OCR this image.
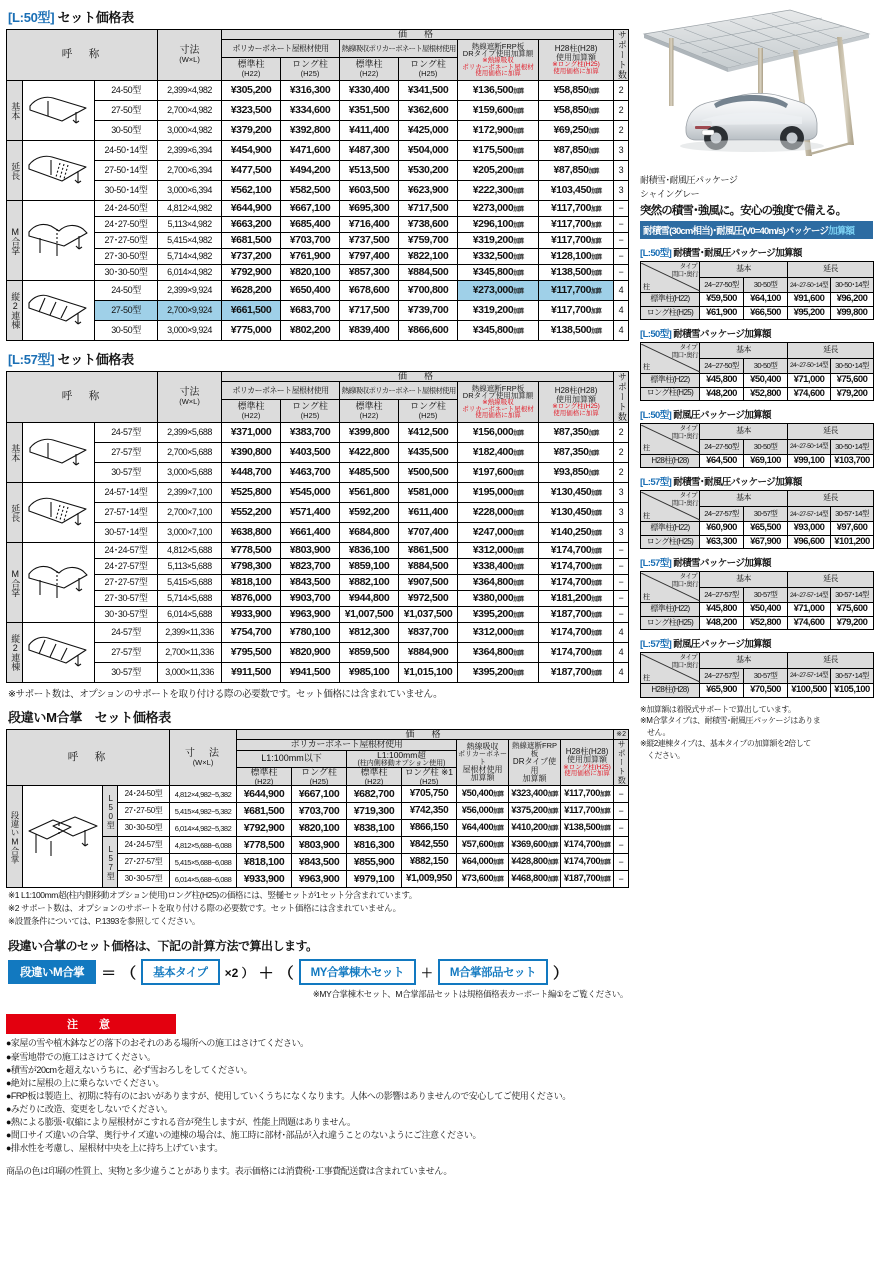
[L:50型] セット価格表
呼　称			寸法
(W×L)	価　格						サポート数

				ポリカーボネート屋根材使用		熱線吸収ポリカーボネート屋根材使用		熱線遮断FRP板
DRタイプ使用加算額
※熱線吸収
ポリカーボネート屋根材
使用価格に加算	H28柱(H28)
使用加算額
※ロング柱(H25)
使用価格に加算	

				標準柱
(H22)	ロング柱
(H25)	標準柱
(H22)	ロング柱
(H25)			

基本		24-50型	2,399×4,982	¥305,200	¥316,300	¥330,400	¥341,500	¥136,500加算	¥58,850加算	2
		27-50型	2,700×4,982	¥323,500	¥334,600	¥351,500	¥362,600	¥159,600加算	¥58,850加算	2
		30-50型	3,000×4,982	¥379,200	¥392,800	¥411,400	¥425,000	¥172,900加算	¥69,250加算	2

延長		24-50･14型	2,399×6,394	¥454,900	¥471,600	¥487,300	¥504,000	¥175,500加算	¥87,850加算	3
		27-50･14型	2,700×6,394	¥477,500	¥494,200	¥513,500	¥530,200	¥205,200加算	¥87,850加算	3
		30-50･14型	3,000×6,394	¥562,100	¥582,500	¥603,500	¥623,900	¥222,300加算	¥103,450加算	3

M合掌		24･24-50型	4,812×4,982	¥644,900	¥667,100	¥695,300	¥717,500	¥273,000加算	¥117,700加算	−
		24･27-50型	5,113×4,982	¥663,200	¥685,400	¥716,400	¥738,600	¥296,100加算	¥117,700加算	−
		27･27-50型	5,415×4,982	¥681,500	¥703,700	¥737,500	¥759,700	¥319,200加算	¥117,700加算	−
		27･30-50型	5,714×4,982	¥737,200	¥761,900	¥797,400	¥822,100	¥332,500加算	¥128,100加算	−
		30･30-50型	6,014×4,982	¥792,900	¥820,100	¥857,300	¥884,500	¥345,800加算	¥138,500加算	−

縦2連棟		24-50型	2,399×9,924	¥628,200	¥650,400	¥678,600	¥700,800	¥273,000加算	¥117,700加算	4
		27-50型	2,700×9,924	¥661,500	¥683,700	¥717,500	¥739,700	¥319,200加算	¥117,700加算	4
		30-50型	3,000×9,924	¥775,000	¥802,200	¥839,400	¥866,600	¥345,800加算	¥138,500加算	4
[L:57型] セット価格表
呼　称			寸法
(W×L)	価　格						サポート数

				ポリカーボネート屋根材使用		熱線吸収ポリカーボネート屋根材使用		熱線遮断FRP板
DRタイプ使用加算額
※熱線吸収
ポリカーボネート屋根材
使用価格に加算	H28柱(H28)
使用加算額
※ロング柱(H25)
使用価格に加算	

				標準柱
(H22)	ロング柱
(H25)	標準柱
(H22)	ロング柱
(H25)			

基本		24-57型	2,399×5,688	¥371,000	¥383,700	¥399,800	¥412,500	¥156,000加算	¥87,350加算	2
		27-57型	2,700×5,688	¥390,800	¥403,500	¥422,800	¥435,500	¥182,400加算	¥87,350加算	2
		30-57型	3,000×5,688	¥448,700	¥463,700	¥485,500	¥500,500	¥197,600加算	¥93,850加算	2

延長		24-57･14型	2,399×7,100	¥525,800	¥545,000	¥561,800	¥581,000	¥195,000加算	¥130,450加算	3
		27-57･14型	2,700×7,100	¥552,200	¥571,400	¥592,200	¥611,400	¥228,000加算	¥130,450加算	3
		30-57･14型	3,000×7,100	¥638,800	¥661,400	¥684,800	¥707,400	¥247,000加算	¥140,250加算	3

M合掌		24･24-57型	4,812×5,688	¥778,500	¥803,900	¥836,100	¥861,500	¥312,000加算	¥174,700加算	−
		24･27-57型	5,113×5,688	¥798,300	¥823,700	¥859,100	¥884,500	¥338,400加算	¥174,700加算	−
		27･27-57型	5,415×5,688	¥818,100	¥843,500	¥882,100	¥907,500	¥364,800加算	¥174,700加算	−
		27･30-57型	5,714×5,688	¥876,000	¥903,700	¥944,800	¥972,500	¥380,000加算	¥181,200加算	−
		30･30-57型	6,014×5,688	¥933,900	¥963,900	¥1,007,500	¥1,037,500	¥395,200加算	¥187,700加算	−

縦2連棟		24-57型	2,399×11,336	¥754,700	¥780,100	¥812,300	¥837,700	¥312,000加算	¥174,700加算	4
		27-57型	2,700×11,336	¥795,500	¥820,900	¥859,500	¥884,900	¥364,800加算	¥174,700加算	4
		30-57型	3,000×11,336	¥911,500	¥941,500	¥985,100	¥1,015,100	¥395,200加算	¥187,700加算	4
※サポート数は、オプションのサポートを取り付ける際の必要数です。セット価格には含まれていません。
段違いM合掌　セット価格表
呼　称				寸　法
(W×L)	価　格							※2
					ポリカーボネート屋根材使用				熱線吸収
ポリカーボネート
屋根材使用
加算額	熱線遮断FRP板
DRタイプ使用
加算額	H28柱(H28)
使用加算額
※ロング柱(H25)
使用価格に加算	サポート数

					L1:100mm以下		L1:100mm超
(柱内側移動オプション使用)					

					標準柱
(H22)	ロング柱
(H25)	標準柱
(H22)	ロング柱 ※1
(H25)				

段違いM合掌		L50型	24･24-50型	4,812×4,982~5,382	¥644,900	¥667,100	¥682,700	¥705,750	¥50,400加算	¥323,400加算	¥117,700加算	−
			27･27-50型	5,415×4,982~5,382	¥681,500	¥703,700	¥719,300	¥742,350	¥56,000加算	¥375,200加算	¥117,700加算	−
			30･30-50型	6,014×4,982~5,382	¥792,900	¥820,100	¥838,100	¥866,150	¥64,400加算	¥410,200加算	¥138,500加算	−

		L57型	24･24-57型	4,812×5,688~6,088	¥778,500	¥803,900	¥816,300	¥842,550	¥57,600加算	¥369,600加算	¥174,700加算	−
			27･27-57型	5,415×5,688~6,088	¥818,100	¥843,500	¥855,900	¥882,150	¥64,000加算	¥428,800加算	¥174,700加算	−
			30･30-57型	6,014×5,688~6,088	¥933,900	¥963,900	¥979,100	¥1,009,950	¥73,600加算	¥468,800加算	¥187,700加算	−
※1 L1:100mm超(柱内側移動オプション使用)ロング柱(H25)の価格には、竪樋セットが1セット分含まれています。
※2 サポート数は、オプションのサポートを取り付ける際の必要数です。セット価格には含まれていません。
※設置条件については、P.1393を参照してください。
段違い合掌のセット価格は、下記の計算方法で算出します。
段違いM合掌	＝ （	基本タイプ	×2 ） ＋ （	MY合掌棟木セット	＋	M合掌部品セット	）
※MY合掌棟木セット、M合掌部品セットは規格価格表カーポート編①をご覧ください。
注　意
●家屋の雪や植木鉢などの落下のおそれのある場所への施工はさけてください。
●豪雪地帯での施工はさけてください。
●積雪が20cmを超えないうちに、必ず雪おろしをしてください。
●絶対に屋根の上に乗らないでください。
●FRP板は製造上、初期に特有のにおいがありますが、使用していくうちになくなります。人体への影響はありませんので安心してご使用ください。
●みだりに改造、変更をしないでください。
●熱による膨張･収縮により屋根材がこすれる音が発生しますが、性能上問題はありません。
●間口サイズ違いの合掌、奥行サイズ違いの連棟の場合は、施工時に部材･部品が入れ違うことのないようにご注意ください。
●排水性を考慮し、屋根材中央を上に持ち上げています。
商品の色は印刷の性質上、実物と多少違うことがあります。表示価格には消費税･工事費配送費は含まれていません。
耐積雪･耐風圧パッケージ
シャイングレー
突然の積雪･強風に。安心の強度で備える。
耐積雪(30cm相当)･耐風圧(V0=40m/s)パッケージ加算額
[L:50型] 耐積雪･耐風圧パッケージ加算額
タイプ
間口･奥行
柱	基本		延長	
	24~27-50型	30-50型	24~27-50･14型	30-50･14型
標準柱(H22)	¥59,500	¥64,100	¥91,600	¥96,200
ロング柱(H25)	¥61,900	¥66,500	¥95,200	¥99,800
[L:50型] 耐積雪パッケージ加算額
タイプ
間口･奥行
柱	基本		延長	
	24~27-50型	30-50型	24~27-50･14型	30-50･14型
標準柱(H22)	¥45,800	¥50,400	¥71,000	¥75,600
ロング柱(H25)	¥48,200	¥52,800	¥74,600	¥79,200
[L:50型] 耐風圧パッケージ加算額
タイプ
間口･奥行
柱	基本		延長	
	24~27-50型	30-50型	24~27-50･14型	30-50･14型
H28柱(H28)	¥64,500	¥69,100	¥99,100	¥103,700
[L:57型] 耐積雪･耐風圧パッケージ加算額
タイプ
間口･奥行
柱	基本		延長	
	24~27-57型	30-57型	24~27-57･14型	30-57･14型
標準柱(H22)	¥60,900	¥65,500	¥93,000	¥97,600
ロング柱(H25)	¥63,300	¥67,900	¥96,600	¥101,200
[L:57型] 耐積雪パッケージ加算額
タイプ
間口･奥行
柱	基本		延長	
	24~27-57型	30-57型	24~27-57･14型	30-57･14型
標準柱(H22)	¥45,800	¥50,400	¥71,000	¥75,600
ロング柱(H25)	¥48,200	¥52,800	¥74,600	¥79,200
[L:57型] 耐風圧パッケージ加算額
タイプ
間口･奥行
柱	基本		延長	
	24~27-57型	30-57型	24~27-57･14型	30-57･14型
H28柱(H28)	¥65,900	¥70,500	¥100,500	¥105,100
※加算額は着脱式サポートで算出しています。
※M合掌タイプは、耐積雪･耐風圧パッケージはありま
せん。
※縦2連棟タイプは、基本タイプの加算額を2倍して
ください。
